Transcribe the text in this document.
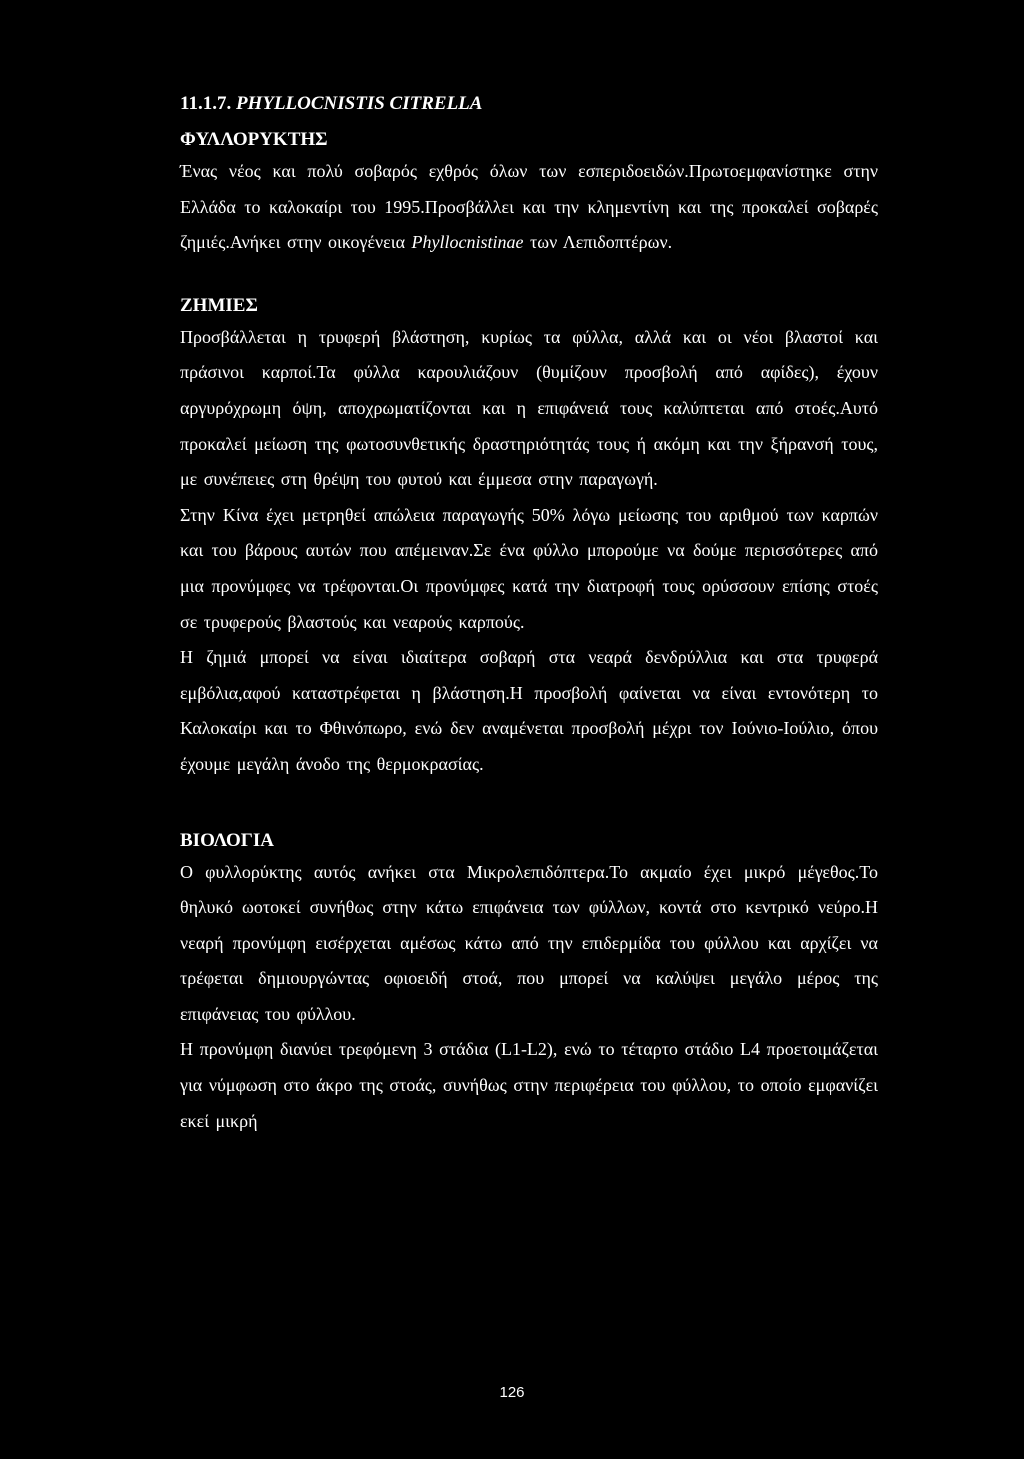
11.1.7. PHYLLOCNISTIS CITRELLA

ΦΥΛΛΟΡΥΚΤΗΣ

Ένας νέος και πολύ σοβαρός εχθρός όλων των εσπεριδοειδών.Πρωτοεμφανίστηκε στην Ελλάδα το καλοκαίρι του 1995.Προσβάλλει και την κλημεντίνη και της προκαλεί σοβαρές ζημιές.Ανήκει στην οικογένεια Phyllocnistinae των Λεπιδοπτέρων.

ΖΗΜΙΕΣ

Προσβάλλεται η τρυφερή βλάστηση, κυρίως τα φύλλα, αλλά και οι νέοι βλαστοί και πράσινοι καρποί.Τα φύλλα καρουλιάζουν (θυμίζουν προσβολή από αφίδες), έχουν αργυρόχρωμη όψη, αποχρωματίζονται και η επιφάνειά τους καλύπτεται από στοές.Αυτό προκαλεί μείωση της φωτοσυνθετικής δραστηριότητάς τους ή ακόμη και την ξήρανσή τους, με συνέπειες στη θρέψη του φυτού και έμμεσα στην παραγωγή.

Στην Κίνα έχει μετρηθεί απώλεια παραγωγής 50% λόγω μείωσης του αριθμού των καρπών και του βάρους αυτών που απέμειναν.Σε ένα φύλλο μπορούμε να δούμε περισσότερες από μια προνύμφες να τρέφονται.Οι προνύμφες κατά την διατροφή τους ορύσσουν επίσης στοές σε τρυφερούς βλαστούς και νεαρούς καρπούς.

Η ζημιά μπορεί να είναι ιδιαίτερα σοβαρή στα νεαρά δενδρύλλια και στα τρυφερά εμβόλια,αφού καταστρέφεται η βλάστηση.Η προσβολή φαίνεται να είναι εντονότερη το Καλοκαίρι και το Φθινόπωρο, ενώ δεν αναμένεται προσβολή μέχρι τον Ιούνιο-Ιούλιο, όπου έχουμε μεγάλη άνοδο της θερμοκρασίας.

ΒΙΟΛΟΓΙΑ

Ο φυλλορύκτης αυτός ανήκει στα Μικρολεπιδόπτερα.Το ακμαίο έχει μικρό μέγεθος.Το θηλυκό ωοτοκεί συνήθως στην κάτω επιφάνεια των φύλλων, κοντά στο κεντρικό νεύρο.Η νεαρή προνύμφη εισέρχεται αμέσως κάτω από την επιδερμίδα του φύλλου και αρχίζει να τρέφεται δημιουργώντας οφιοειδή στοά, που μπορεί να καλύψει μεγάλο μέρος της επιφάνειας του φύλλου.

Η προνύμφη διανύει τρεφόμενη 3 στάδια (L1-L2), ενώ το τέταρτο στάδιο L4 προετοιμάζεται για νύμφωση στο άκρο της στοάς, συνήθως στην περιφέρεια του φύλλου, το οποίο εμφανίζει εκεί μικρή

126
